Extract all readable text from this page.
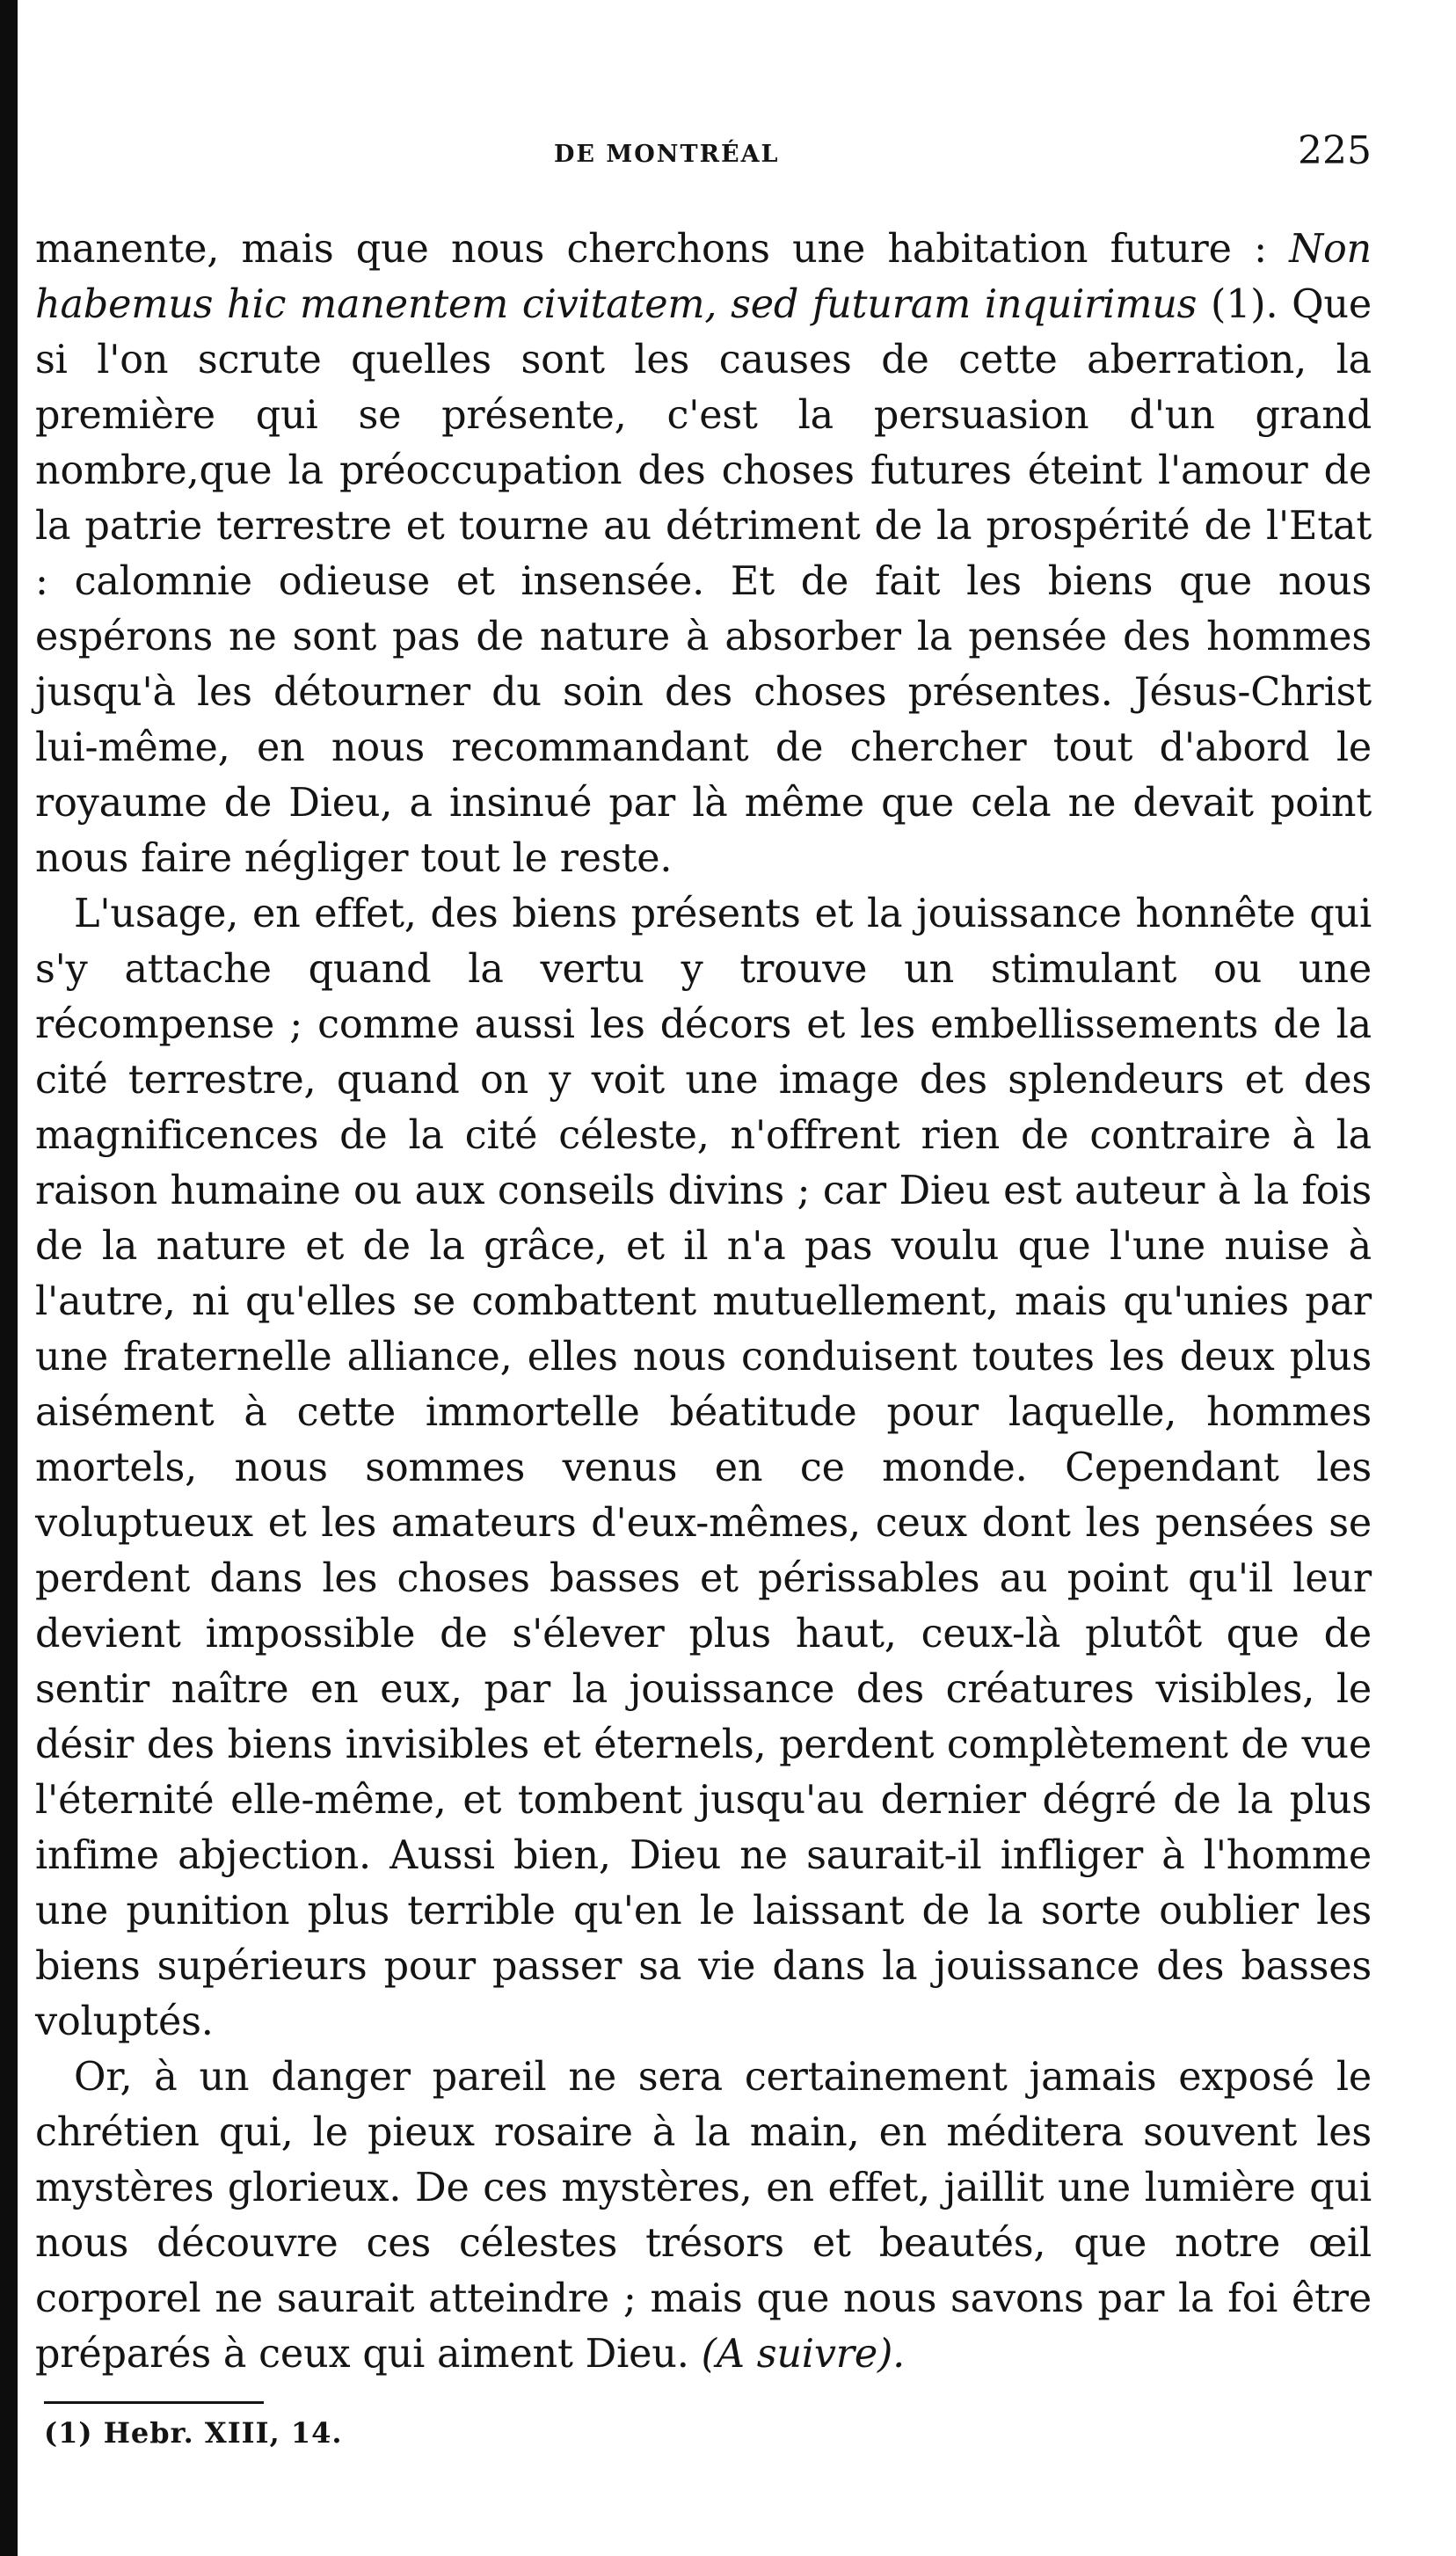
DE MONTRÉAL	225

manente, mais que nous cherchons une habitation future : Non habemus hic manentem civitatem, sed futuram inquirimus (1). Que si l'on scrute quelles sont les causes de cette aberration, la première qui se présente, c'est la persuasion d'un grand nombre,que la préoccupation des choses futures éteint l'amour de la patrie terrestre et tourne au détriment de la prospérité de l'Etat : calomnie odieuse et insensée. Et de fait les biens que nous espérons ne sont pas de nature à absorber la pensée des hommes jusqu'à les détourner du soin des choses présentes. Jésus-Christ lui-même, en nous recommandant de chercher tout d'abord le royaume de Dieu, a insinué par là même que cela ne devait point nous faire négliger tout le reste.

L'usage, en effet, des biens présents et la jouissance honnête qui s'y attache quand la vertu y trouve un stimulant ou une récompense ; comme aussi les décors et les embellissements de la cité terrestre, quand on y voit une image des splendeurs et des magnificences de la cité céleste, n'offrent rien de contraire à la raison humaine ou aux conseils divins ; car Dieu est auteur à la fois de la nature et de la grâce, et il n'a pas voulu que l'une nuise à l'autre, ni qu'elles se combattent mutuellement, mais qu'unies par une fraternelle alliance, elles nous conduisent toutes les deux plus aisément à cette immortelle béatitude pour laquelle, hommes mortels, nous sommes venus en ce monde. Cependant les voluptueux et les amateurs d'eux-mêmes, ceux dont les pensées se perdent dans les choses basses et périssables au point qu'il leur devient impossible de s'élever plus haut, ceux-là plutôt que de sentir naître en eux, par la jouissance des créatures visibles, le désir des biens invisibles et éternels, perdent complètement de vue l'éternité elle-même, et tombent jusqu'au dernier dégré de la plus infime abjection. Aussi bien, Dieu ne saurait-il infliger à l'homme une punition plus terrible qu'en le laissant de la sorte oublier les biens supérieurs pour passer sa vie dans la jouissance des basses voluptés.

Or, à un danger pareil ne sera certainement jamais exposé le chrétien qui, le pieux rosaire à la main, en méditera souvent les mystères glorieux. De ces mystères, en effet, jaillit une lumière qui nous découvre ces célestes trésors et beautés, que notre œil corporel ne saurait atteindre ; mais que nous savons par la foi être préparés à ceux qui aiment Dieu. (A suivre).

(1) Hebr. XIII, 14.
